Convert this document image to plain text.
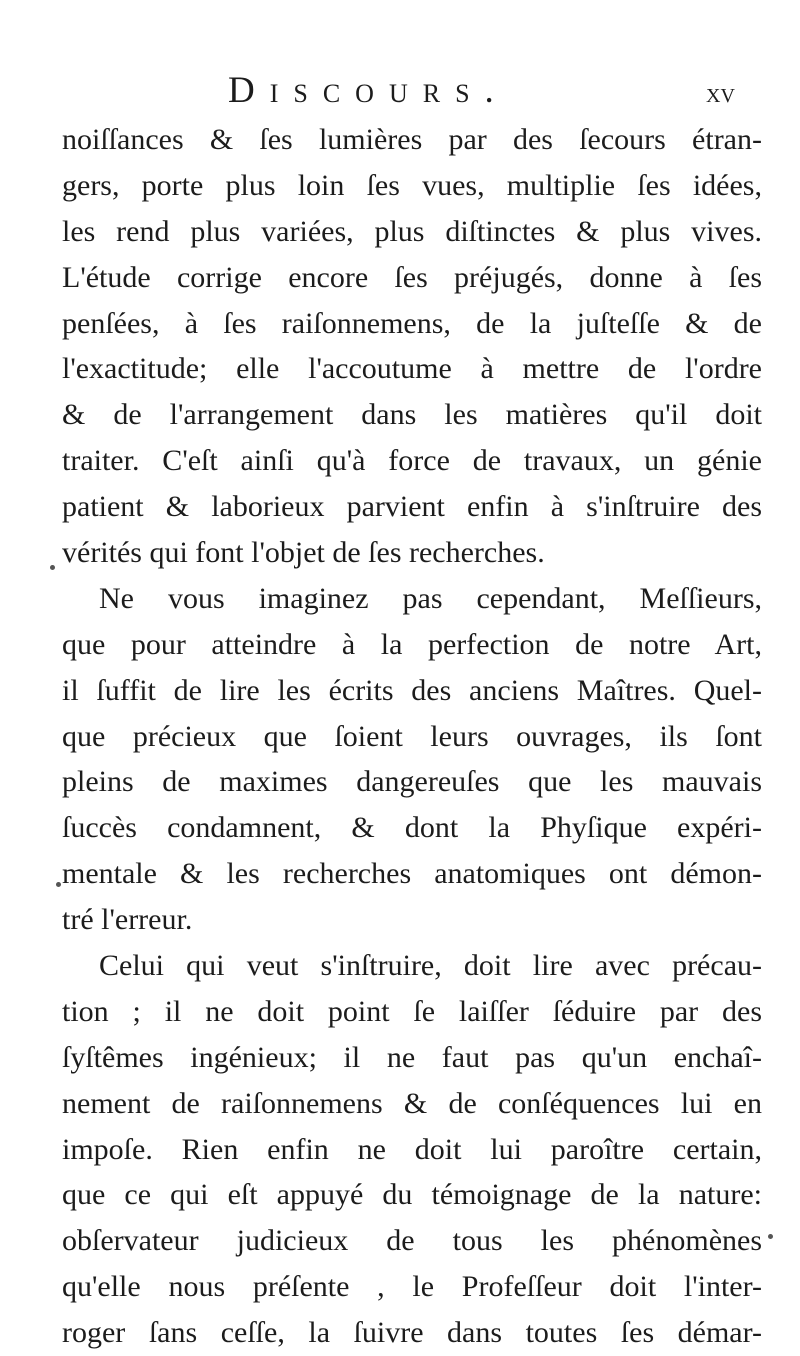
Discours.	xv
noiſſances & ſes lumières par des ſecours étran-
gers, porte plus loin ſes vues, multiplie ſes idées,
les rend plus variées, plus diſtinctes & plus vives.
L'étude corrige encore ſes préjugés, donne à ſes
penſées, à ſes raiſonnemens, de la juſteſſe & de
l'exactitude; elle l'accoutume à mettre de l'ordre
& de l'arrangement dans les matières qu'il doit
traiter. C'eſt ainſi qu'à force de travaux, un génie
patient & laborieux parvient enfin à s'inſtruire des
vérités qui font l'objet de ſes recherches.
Ne vous imaginez pas cependant, Meſſieurs,
que pour atteindre à la perfection de notre Art,
il ſuffit de lire les écrits des anciens Maîtres. Quel-
que précieux que ſoient leurs ouvrages, ils ſont
pleins de maximes dangereuſes que les mauvais
ſuccès condamnent, & dont la Phyſique expéri-
mentale & les recherches anatomiques ont démon-
tré l'erreur.
Celui qui veut s'inſtruire, doit lire avec précau-
tion ; il ne doit point ſe laiſſer ſéduire par des
ſyſtêmes ingénieux; il ne faut pas qu'un enchaî-
nement de raiſonnemens & de conſéquences lui en
impoſe. Rien enfin ne doit lui paroître certain,
que ce qui eſt appuyé du témoignage de la nature:
obſervateur judicieux de tous les phénomènes
qu'elle nous préſente , le Profeſſeur doit l'inter-
roger ſans ceſſe, la ſuivre dans toutes ſes démar-
